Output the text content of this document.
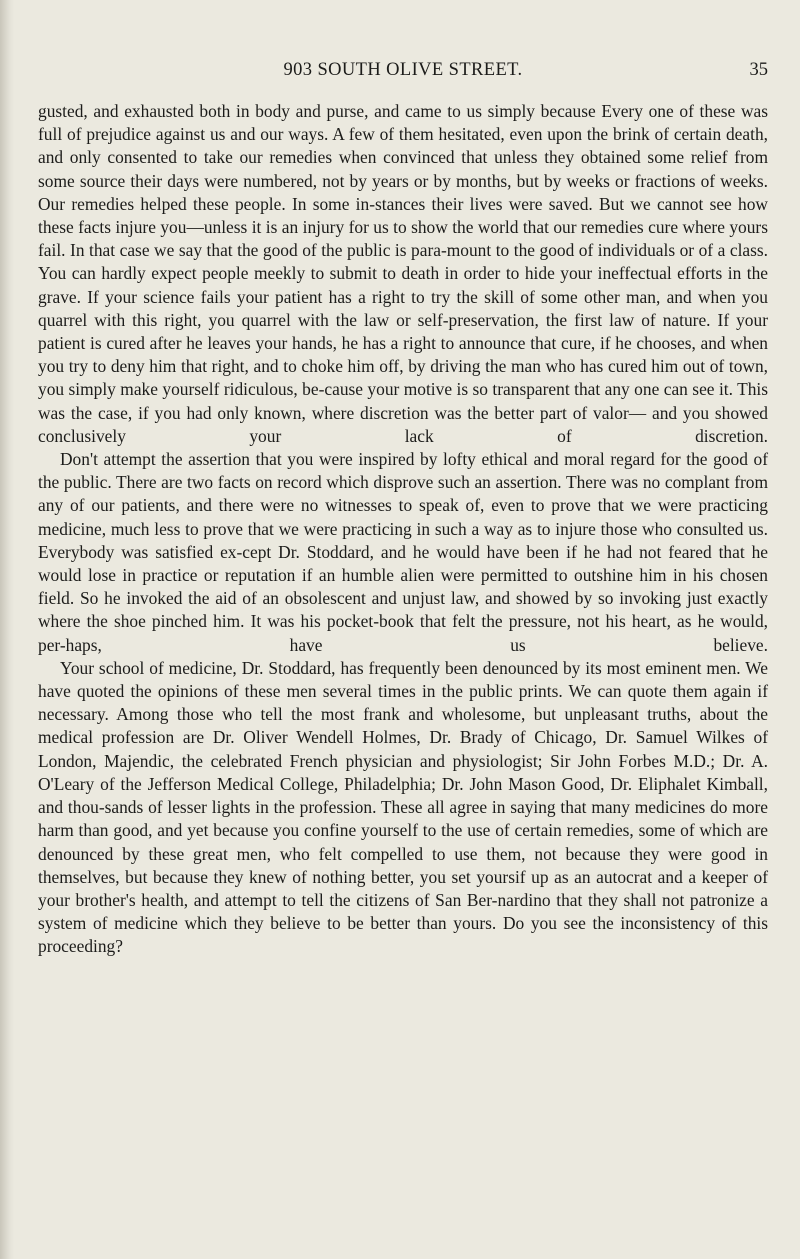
903 SOUTH OLIVE STREET.	35

gusted, and exhausted both in body and purse, and came to us simply because Every one of these was full of prejudice against us and our ways. A few of them hesitated, even upon the brink of certain death, and only consented to take our remedies when convinced that unless they obtained some relief from some source their days were numbered, not by years or by months, but by weeks or fractions of weeks. Our remedies helped these people. In some in-stances their lives were saved. But we cannot see how these facts injure you—unless it is an injury for us to show the world that our remedies cure where yours fail. In that case we say that the good of the public is para-mount to the good of individuals or of a class. You can hardly expect people meekly to submit to death in order to hide your ineffectual efforts in the grave. If your science fails your patient has a right to try the skill of some other man, and when you quarrel with this right, you quarrel with the law or self-preservation, the first law of nature. If your patient is cured after he leaves your hands, he has a right to announce that cure, if he chooses, and when you try to deny him that right, and to choke him off, by driving the man who has cured him out of town, you simply make yourself ridiculous, be-cause your motive is so transparent that any one can see it. This was the case, if you had only known, where discretion was the better part of valor— and you showed conclusively your lack of discretion.

Don't attempt the assertion that you were inspired by lofty ethical and moral regard for the good of the public. There are two facts on record which disprove such an assertion. There was no complant from any of our patients, and there were no witnesses to speak of, even to prove that we were practicing medicine, much less to prove that we were practicing in such a way as to injure those who consulted us. Everybody was satisfied ex-cept Dr. Stoddard, and he would have been if he had not feared that he would lose in practice or reputation if an humble alien were permitted to outshine him in his chosen field. So he invoked the aid of an obsolescent and unjust law, and showed by so invoking just exactly where the shoe pinched him. It was his pocket-book that felt the pressure, not his heart, as he would, per-haps, have us believe.

Your school of medicine, Dr. Stoddard, has frequently been denounced by its most eminent men. We have quoted the opinions of these men several times in the public prints. We can quote them again if necessary. Among those who tell the most frank and wholesome, but unpleasant truths, about the medical profession are Dr. Oliver Wendell Holmes, Dr. Brady of Chicago, Dr. Samuel Wilkes of London, Majendic, the celebrated French physician and physiologist; Sir John Forbes M.D.; Dr. A. O'Leary of the Jefferson Medical College, Philadelphia; Dr. John Mason Good, Dr. Eliphalet Kimball, and thou-sands of lesser lights in the profession. These all agree in saying that many medicines do more harm than good, and yet because you confine yourself to the use of certain remedies, some of which are denounced by these great men, who felt compelled to use them, not because they were good in themselves, but because they knew of nothing better, you set yoursif up as an autocrat and a keeper of your brother's health, and attempt to tell the citizens of San Ber-nardino that they shall not patronize a system of medicine which they believe to be better than yours. Do you see the inconsistency of this proceeding?
